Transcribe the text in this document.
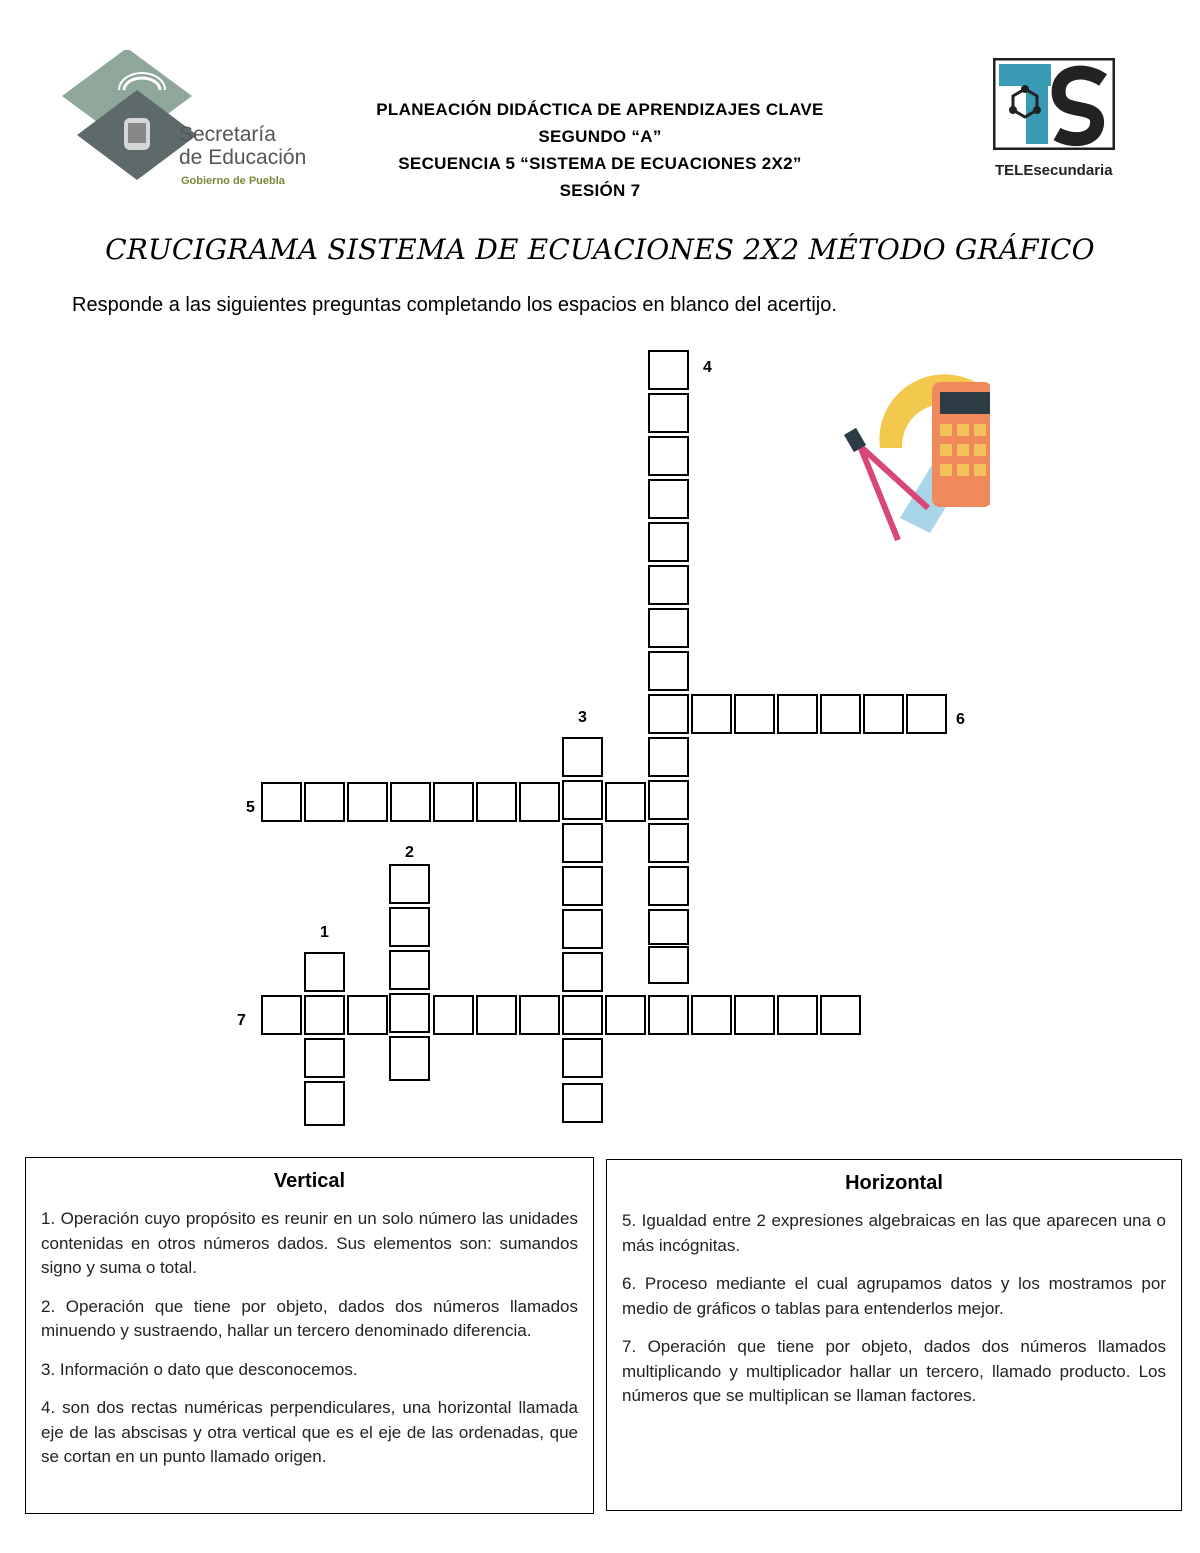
Secretaría
de Educación
Gobierno de Puebla
PLANEACIÓN DIDÁCTICA DE APRENDIZAJES CLAVE
SEGUNDO “A”
SECUENCIA 5 “SISTEMA DE ECUACIONES 2X2”
SESIÓN 7
TELEsecundaria
CRUCIGRAMA SISTEMA DE ECUACIONES 2X2 MÉTODO GRÁFICO
Responde a las siguientes preguntas completando los espacios en blanco del acertijo.
4
6
3
5
2
1
7
Vertical

1. Operación cuyo propósito es reunir en un solo número las unidades contenidas en otros números dados. Sus elementos son: sumandos signo y suma o total.

2. Operación que tiene por objeto, dados dos números llamados minuendo y sustraendo, hallar un tercero denominado diferencia.

3. Información o dato que desconocemos.

4. son dos rectas numéricas perpendiculares, una horizontal llamada eje de las abscisas y otra vertical que es el eje de las ordenadas, que se cortan en un punto llamado origen.

Horizontal

5. Igualdad entre 2 expresiones algebraicas en las que aparecen una o más incógnitas.

6. Proceso mediante el cual agrupamos datos y los mostramos por medio de gráficos o tablas para entenderlos mejor.

7. Operación que tiene por objeto, dados dos números llamados multiplicando y multiplicador hallar un tercero, llamado producto. Los números que se multiplican se llaman factores.
